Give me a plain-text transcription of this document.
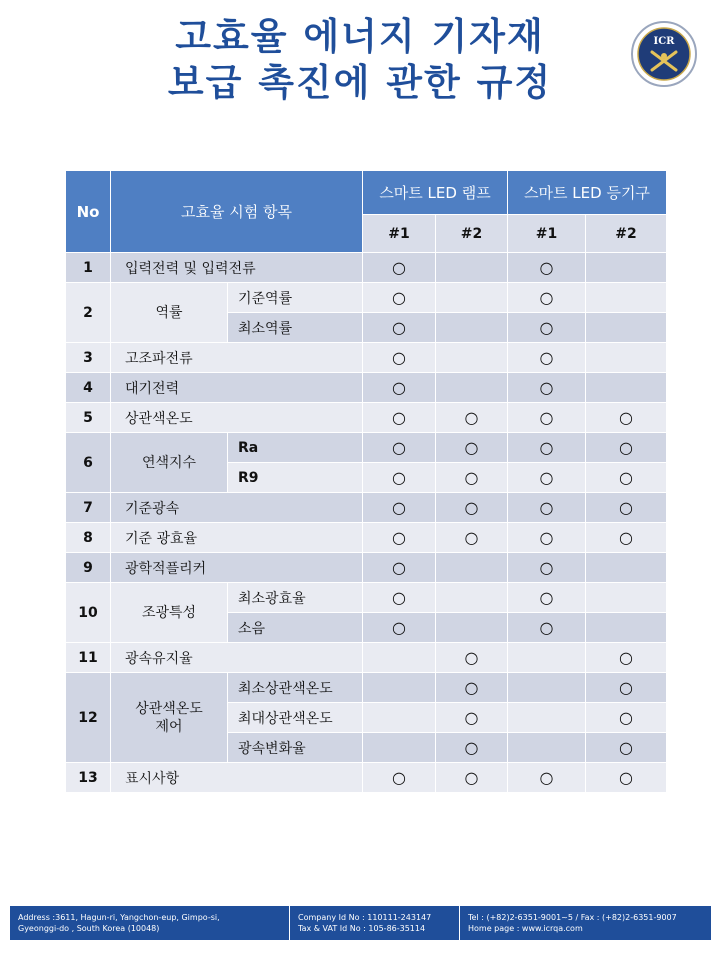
고효율 에너지 기자재
보급 촉진에 관한 규정
ICR
No	고효율 시험 항목		스마트 LED 램프		스마트 LED 등기구	
			#1	#2	#1	#2
1	입력전력 및 입력전류		○		○	
2	역률	기준역률	○		○	
		최소역률	○		○	
3	고조파전류		○		○	
4	대기전력		○		○	
5	상관색온도		○	○	○	○
6	연색지수	Ra	○	○	○	○
		R9	○	○	○	○
7	기준광속		○	○	○	○
8	기준 광효율		○	○	○	○
9	광학적플리커		○		○	
10	조광특성	최소광효율	○		○	
		소음	○		○	
11	광속유지율			○		○
12	상관색온도 제어	최소상관색온도		○		○
		최대상관색온도		○		○
		광속변화율		○		○
13	표시사항		○	○	○	○
Address :3611, Hagun-ri, Yangchon-eup, Gimpo-si,
Gyeonggi-do , South Korea (10048)
Company Id No : 110111-243147
Tax & VAT Id No : 105-86-35114
Tel : (+82)2-6351-9001~5 / Fax : (+82)2-6351-9007
Home page : www.icrqa.com
